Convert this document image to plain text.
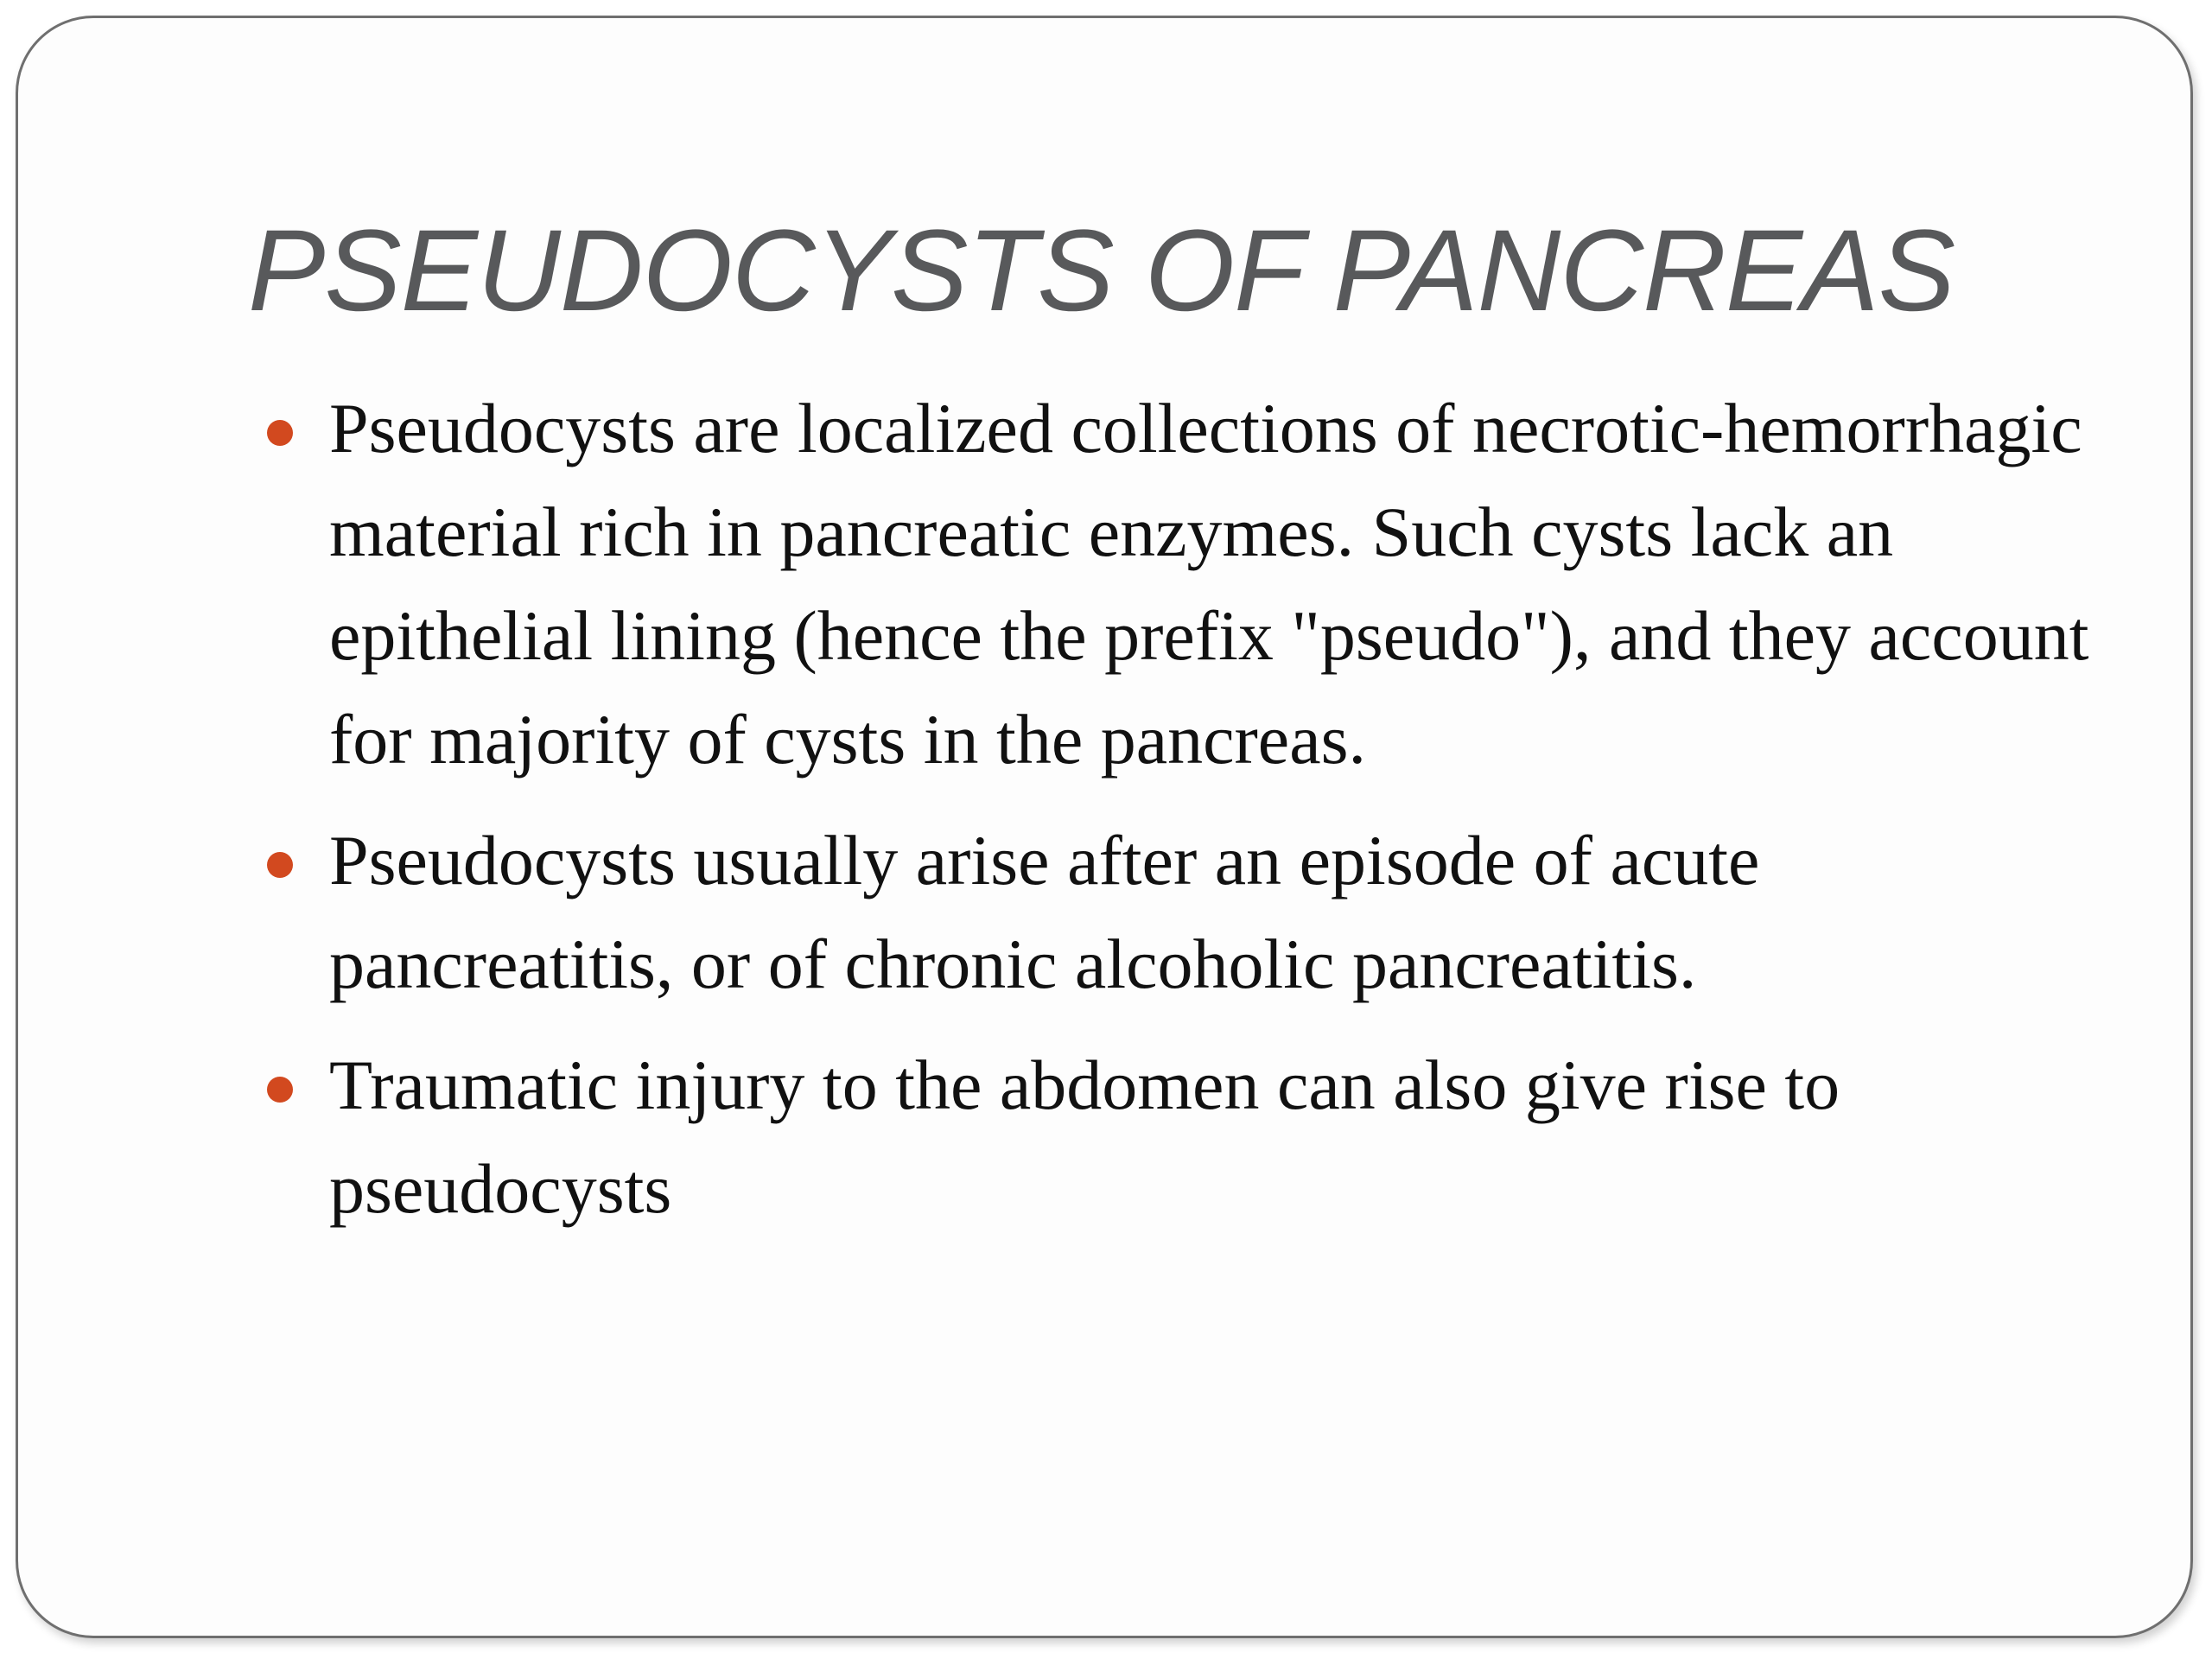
PSEUDOCYSTS OF PANCREAS
Pseudocysts are localized collections of necrotic-hemorrhagic material rich in pancreatic enzymes. Such cysts lack an epithelial lining (hence the prefix "pseudo"), and they account for majority of cysts in the pancreas.
Pseudocysts usually arise after an episode of acute pancreatitis, or of chronic alcoholic pancreatitis.
Traumatic injury to the abdomen can also give rise to pseudocysts
